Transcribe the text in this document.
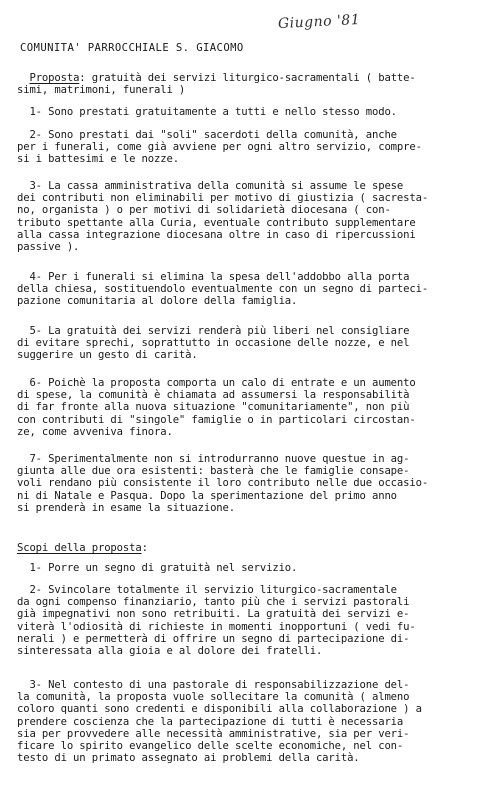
Giugno '81
COMUNITA' PARROCCHIALE S. GIACOMO
Proposta: gratuità dei servizi liturgico-sacramentali ( batte-
simi, matrimoni, funerali )
1- Sono prestati gratuitamente a tutti e nello stesso modo.
2- Sono prestati dai "soli" sacerdoti della comunità, anche
per i funerali, come già avviene per ogni altro servizio, compre-
si i battesimi e le nozze.
3- La cassa amministrativa della comunità si assume le spese
dei contributi non eliminabili per motivo di giustizia ( sacresta-
no, organista ) o per motivi di solidarietà diocesana ( con-
tributo spettante alla Curia, eventuale contributo supplementare
alla cassa integrazione diocesana oltre in caso di ripercussioni
passive ).
4- Per i funerali si elimina la spesa dell'addobbo alla porta
della chiesa, sostituendolo eventualmente con un segno di parteci-
pazione comunitaria al dolore della famiglia.
5- La gratuità dei servizi renderà più liberi nel consigliare
di evitare sprechi, soprattutto in occasione delle nozze, e nel
suggerire un gesto di carità.
6- Poichè la proposta comporta un calo di entrate e un aumento
di spese, la comunità è chiamata ad assumersi la responsabilità
di far fronte alla nuova situazione "comunitariamente", non più
con contributi di "singole" famiglie o in particolari circostan-
ze, come avveniva finora.
7- Sperimentalmente non si introdurranno nuove questue in ag-
giunta alle due ora esistenti: basterà che le famiglie consape-
voli rendano più consistente il loro contributo nelle due occasio-
ni di Natale e Pasqua. Dopo la sperimentazione del primo anno
si prenderà in esame la situazione.
Scopi della proposta:
1- Porre un segno di gratuità nel servizio.
2- Svincolare totalmente il servizio liturgico-sacramentale
da ogni compenso finanziario, tanto più che i servizi pastorali
già impegnativi non sono retribuiti. La gratuità dei servizi e-
viterà l'odiosità di richieste in momenti inopportuni ( vedi fu-
nerali ) e permetterà di offrire un segno di partecipazione di-
sinteressata alla gioia e al dolore dei fratelli.
3- Nel contesto di una pastorale di responsabilizzazione del-
la comunità, la proposta vuole sollecitare la comunità ( almeno
coloro quanti sono credenti e disponibili alla collaborazione ) a
prendere coscienza che la partecipazione di tutti è necessaria
sia per provvedere alle necessità amministrative, sia per veri-
ficare lo spirito evangelico delle scelte economiche, nel con-
testo di un primato assegnato ai problemi della carità.
